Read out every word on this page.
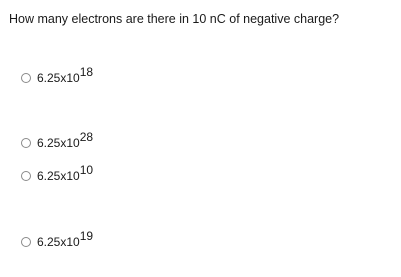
How many electrons are there in 10 nC of negative charge?
6.25x10 18
6.25x10 28
6.25x10 10
6.25x10 19
